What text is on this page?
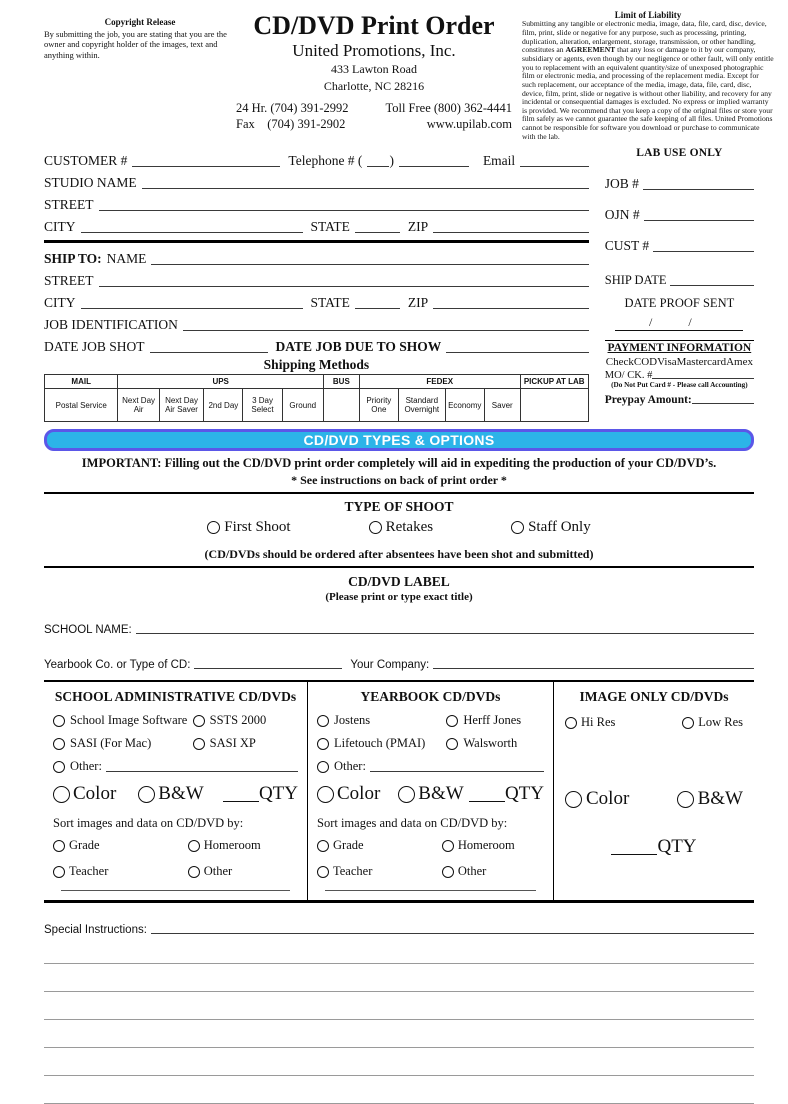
Copyright Release
By submitting the job, you are stating that you are the owner and copyright holder of the images, text and anything within.
CD/DVD Print Order
United Promotions, Inc.
433 Lawton Road
Charlotte, NC 28216
24 Hr. (704) 391-2992	Toll Free (800) 362-4441
Fax    (704) 391-2902	www.upilab.com
Limit of Liability
Submitting any tangible or electronic media, image, data, file, card, disc, device, film, print, slide or negative for any purpose, such as processing, printing, duplication, alteration, enlargement, storage, transmission, or other handling, constitutes an AGREEMENT that any loss or damage to it by our company, subsidiary or agents, even though by our negligence or other fault, will only entitle you to replacement with an equivalent quantity/size of unexposed photographic film or electronic media, and processing of the replacement media. Except for such replacement, our acceptance of the media, image, data, file, card, disc, device, film, print, slide or negative is without other liability, and recovery for any incidental or consequential damages is excluded. No express or implied warranty is provided. We recommend that you keep a copy of the original files or store your film safely as we cannot guarantee the safe keeping of all files. United Promotions cannot be responsible for software you download or purchase to communicate with the lab.
CUSTOMER #	Telephone # (	)	Email
STUDIO NAME
STREET
CITY	STATE	ZIP
SHIP TO: NAME
STREET
CITY	STATE	ZIP
JOB IDENTIFICATION
DATE JOB SHOT	DATE JOB DUE TO SHOW
Shipping Methods
MAIL	UPS					BUS	FEDEX				PICKUP AT LAB
Postal Service	Next Day Air	Next Day Air Saver	2nd Day	3 Day Select	Ground		Priority One	Standard Overnight	Economy	Saver	
LAB USE ONLY
JOB #
OJN #
CUST #
SHIP DATE
DATE PROOF SENT
/            /
PAYMENT INFORMATION
Check COD Visa Mastercard Amex
MO/ CK. #
(Do Not Put Card # - Please call Accounting)
Preypay Amount:
CD/DVD TYPES & OPTIONS
IMPORTANT: Filling out the CD/DVD print order completely will aid in expediting the production of your CD/DVD’s.
* See instructions on back of print order *
TYPE OF SHOOT
First Shoot	Retakes	Staff Only
(CD/DVDs should be ordered after absentees have been shot and submitted)
CD/DVD LABEL
(Please print or type exact title)
SCHOOL NAME:
Yearbook Co. or Type of CD:	Your Company:
SCHOOL ADMINISTRATIVE CD/DVDs
School Image Software SSTS 2000
SASI (For Mac)	SASI XP
Other:
Color B&W	QTY
Sort images and data on CD/DVD by:
Grade	Homeroom
Teacher	Other
YEARBOOK CD/DVDs
Jostens	Herff Jones
Lifetouch (PMAI)	Walsworth
Other:
Color B&W QTY
Sort images and data on CD/DVD by:
Grade	Homeroom
Teacher	Other
IMAGE ONLY CD/DVDs
Hi Res	Low Res
Color	B&W
QTY
Special Instructions:
